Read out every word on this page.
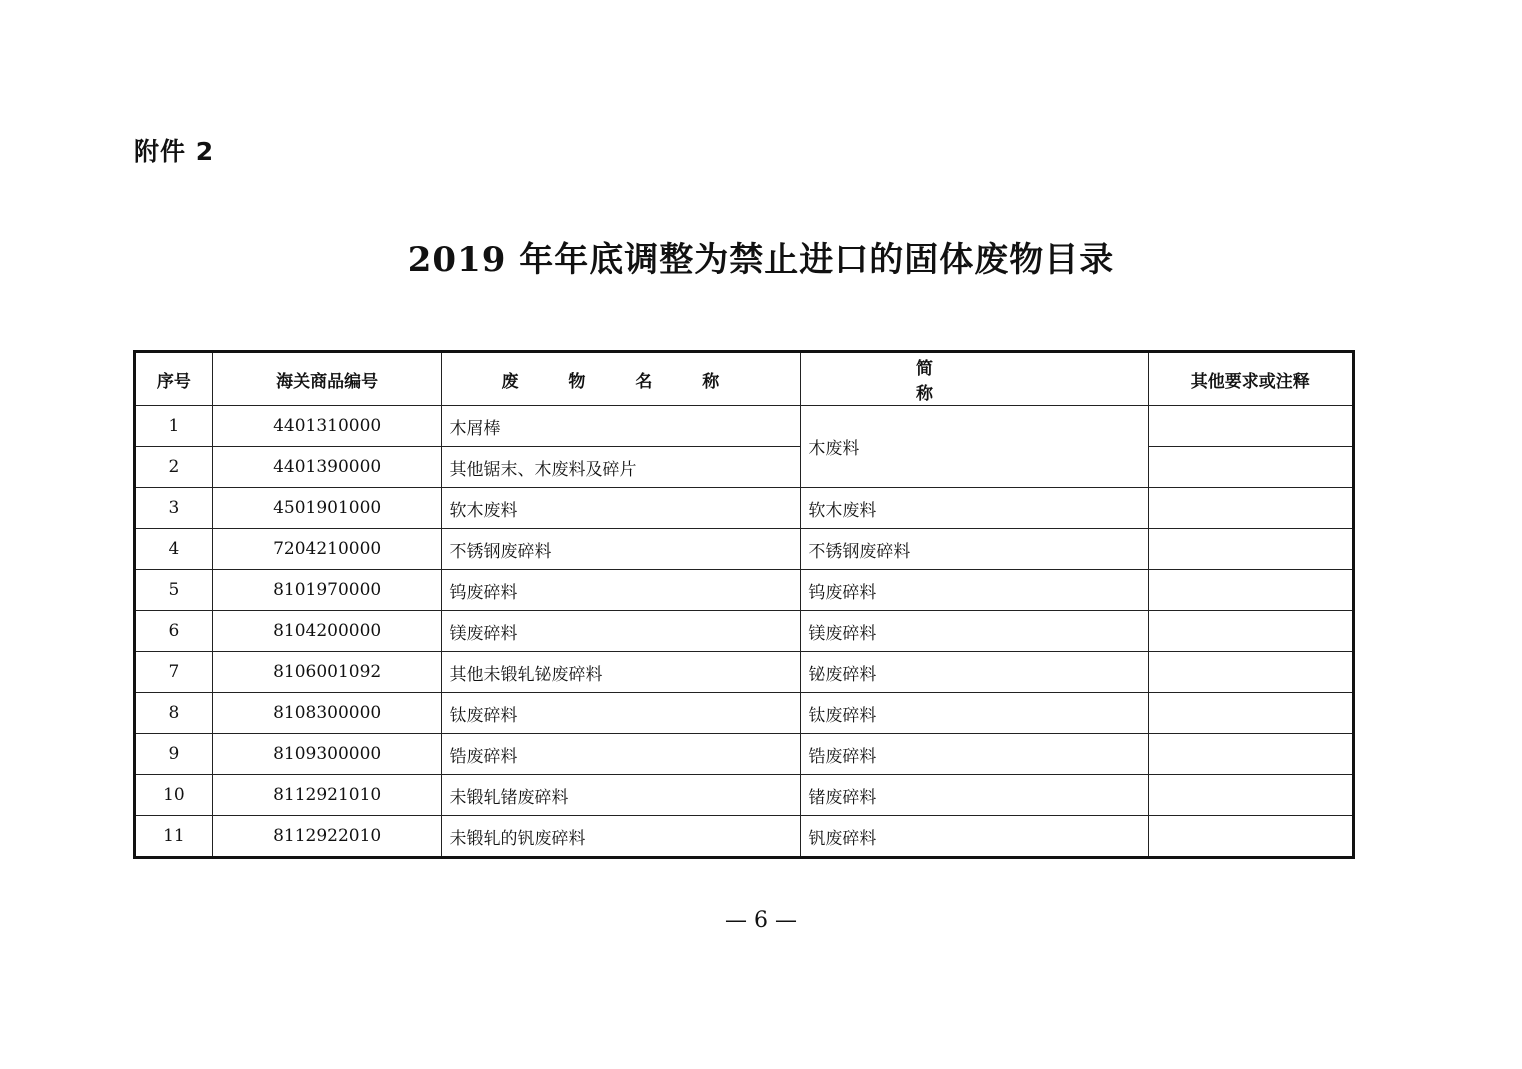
附件 2
2019 年年底调整为禁止进口的固体废物目录
序号	海关商品编号	废 物 名 称	简 称	其他要求或注释
1	4401310000	木屑棒	木废料	
2	4401390000	其他锯末、木废料及碎片		
3	4501901000	软木废料	软木废料	
4	7204210000	不锈钢废碎料	不锈钢废碎料	
5	8101970000	钨废碎料	钨废碎料	
6	8104200000	镁废碎料	镁废碎料	
7	8106001092	其他未锻轧铋废碎料	铋废碎料	
8	8108300000	钛废碎料	钛废碎料	
9	8109300000	锆废碎料	锆废碎料	
10	8112921010	未锻轧锗废碎料	锗废碎料	
11	8112922010	未锻轧的钒废碎料	钒废碎料	
— 6 —
